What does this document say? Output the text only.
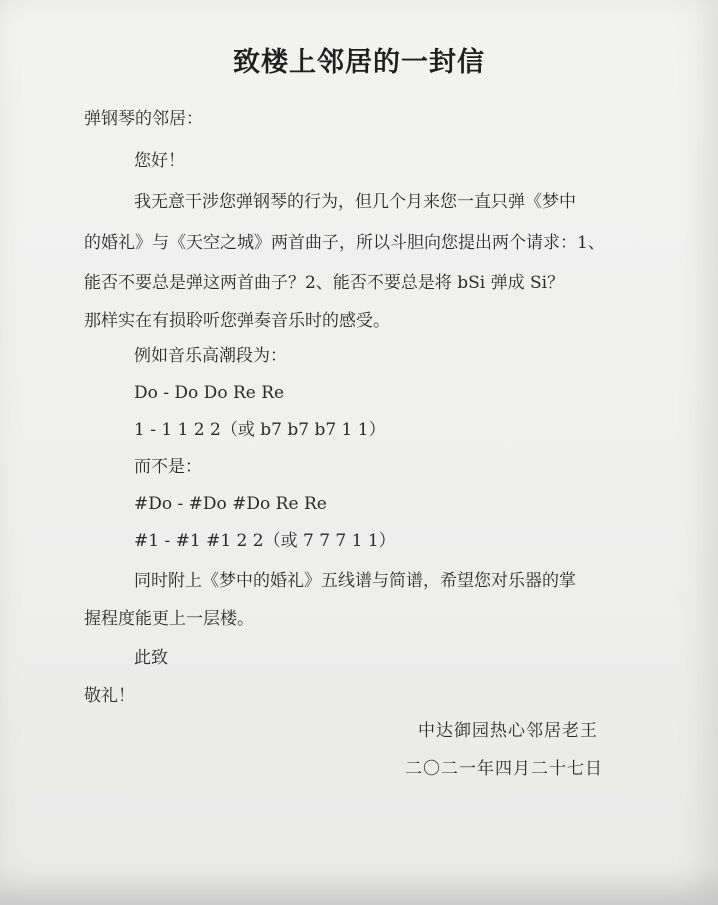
致楼上邻居的一封信
弹钢琴的邻居：
您好！
我无意干涉您弹钢琴的行为，但几个月来您一直只弹《梦中
的婚礼》与《天空之城》两首曲子，所以斗胆向您提出两个请求：1、
能否不要总是弹这两首曲子？2、能否不要总是将 bSi 弹成 Si？
那样实在有损聆听您弹奏音乐时的感受。
例如音乐高潮段为：
Do - Do Do Re Re
1 - 1 1 2 2（或 b7 b7 b7 1 1）
而不是：
#Do - #Do #Do Re Re
#1 - #1 #1 2 2（或 7 7 7 1 1）
同时附上《梦中的婚礼》五线谱与简谱，希望您对乐器的掌
握程度能更上一层楼。
此致
敬礼！
中达御园热心邻居老王
二〇二一年四月二十七日
